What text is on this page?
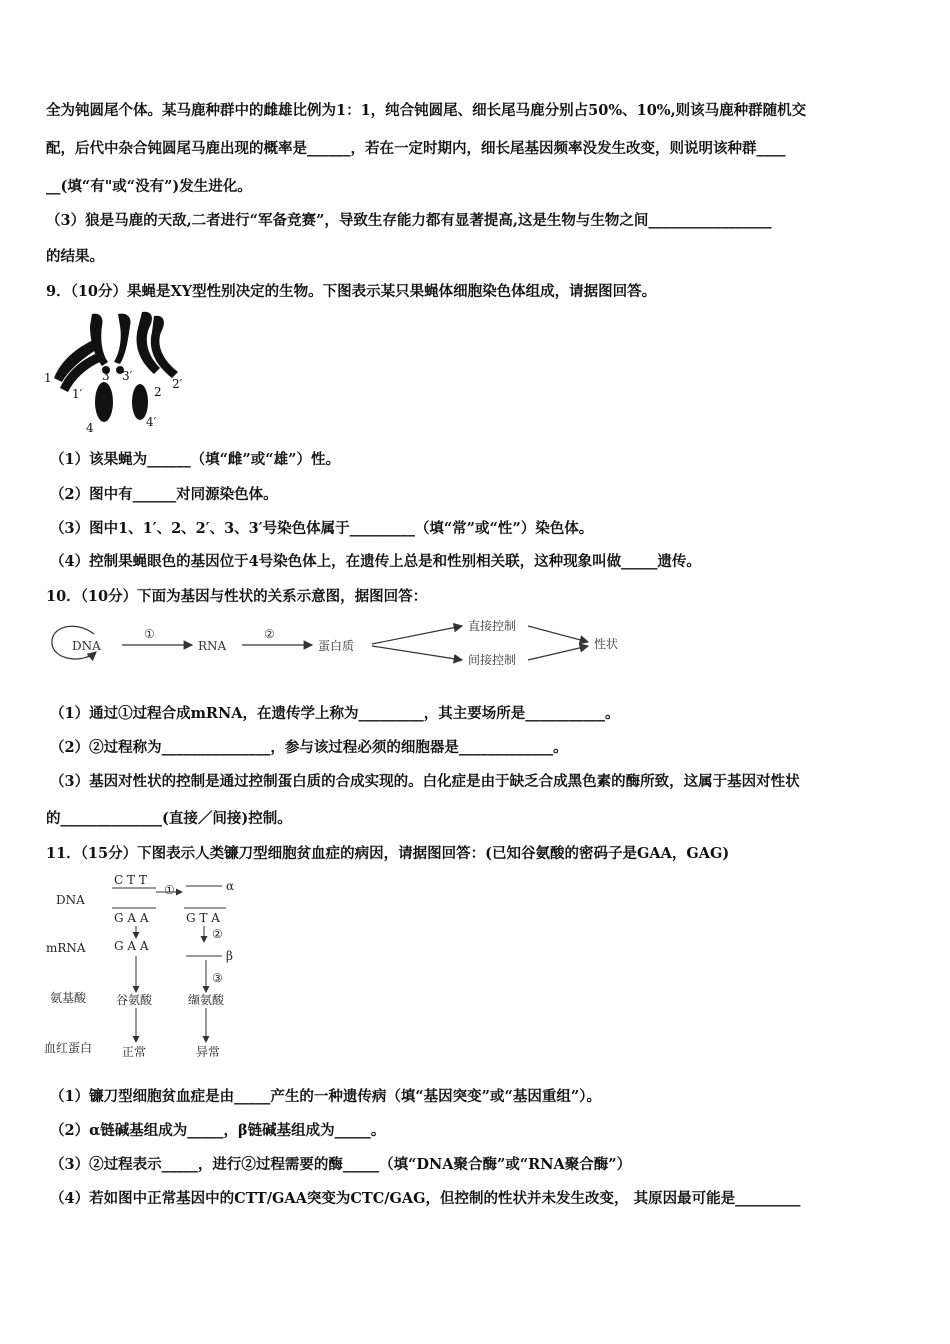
全为钝圆尾个体。某马鹿种群中的雌雄比例为1：1，纯合钝圆尾、细长尾马鹿分别占50%、10%,则该马鹿种群随机交
配，后代中杂合钝圆尾马鹿出现的概率是______，若在一定时期内，细长尾基因频率没发生改变，则说明该种群____
__(填“有"或“没有”)发生进化。
（3）狼是马鹿的天敌,二者进行“军备竞赛”，导致生存能力都有显著提高,这是生物与生物之间_________________
的结果。
9．（10分）果蝇是XY型性别决定的生物。下图表示某只果蝇体细胞染色体组成，请据图回答。
1
1′
3 3′
2
2′
4	4′
（1）该果蝇为______（填“雌”或“雄”）性。
（2）图中有______对同源染色体。
（3）图中1、1′、2、2′、3、3′号染色体属于_________（填“常”或“性”）染色体。
（4）控制果蝇眼色的基因位于4号染色体上，在遗传上总是和性别相关联，这种现象叫做_____遗传。
10．（10分）下面为基因与性状的关系示意图，据图回答：
DNA
①
RNA
②
蛋白质
直接控制
间接控制
性状
（1）通过①过程合成mRNA，在遗传学上称为_________，其主要场所是___________。
（2）②过程称为_______________，参与该过程必须的细胞器是_____________。
（3）基因对性状的控制是通过控制蛋白质的合成实现的。白化症是由于缺乏合成黑色素的酶所致，这属于基因对性状
的______________(直接／间接)控制。
11．（15分）下图表示人类镰刀型细胞贫血症的病因，请据图回答：(已知谷氨酸的密码子是GAA，GAG)
DNA
mRNA
氨基酸
血红蛋白
C T T
G A A
①	α
G T A
②
β
G A A
③
谷氨酸	缬氨酸
正常	异常
（1）镰刀型细胞贫血症是由_____产生的一种遗传病（填“基因突变”或“基因重组”）。
（2）α链碱基组成为_____，β链碱基组成为_____。
（3）②过程表示_____，进行②过程需要的酶_____（填“DNA聚合酶”或“RNA聚合酶”）
（4）若如图中正常基因中的CTT/GAA突变为CTC/GAG，但控制的性状并未发生改变， 其原因最可能是_________
